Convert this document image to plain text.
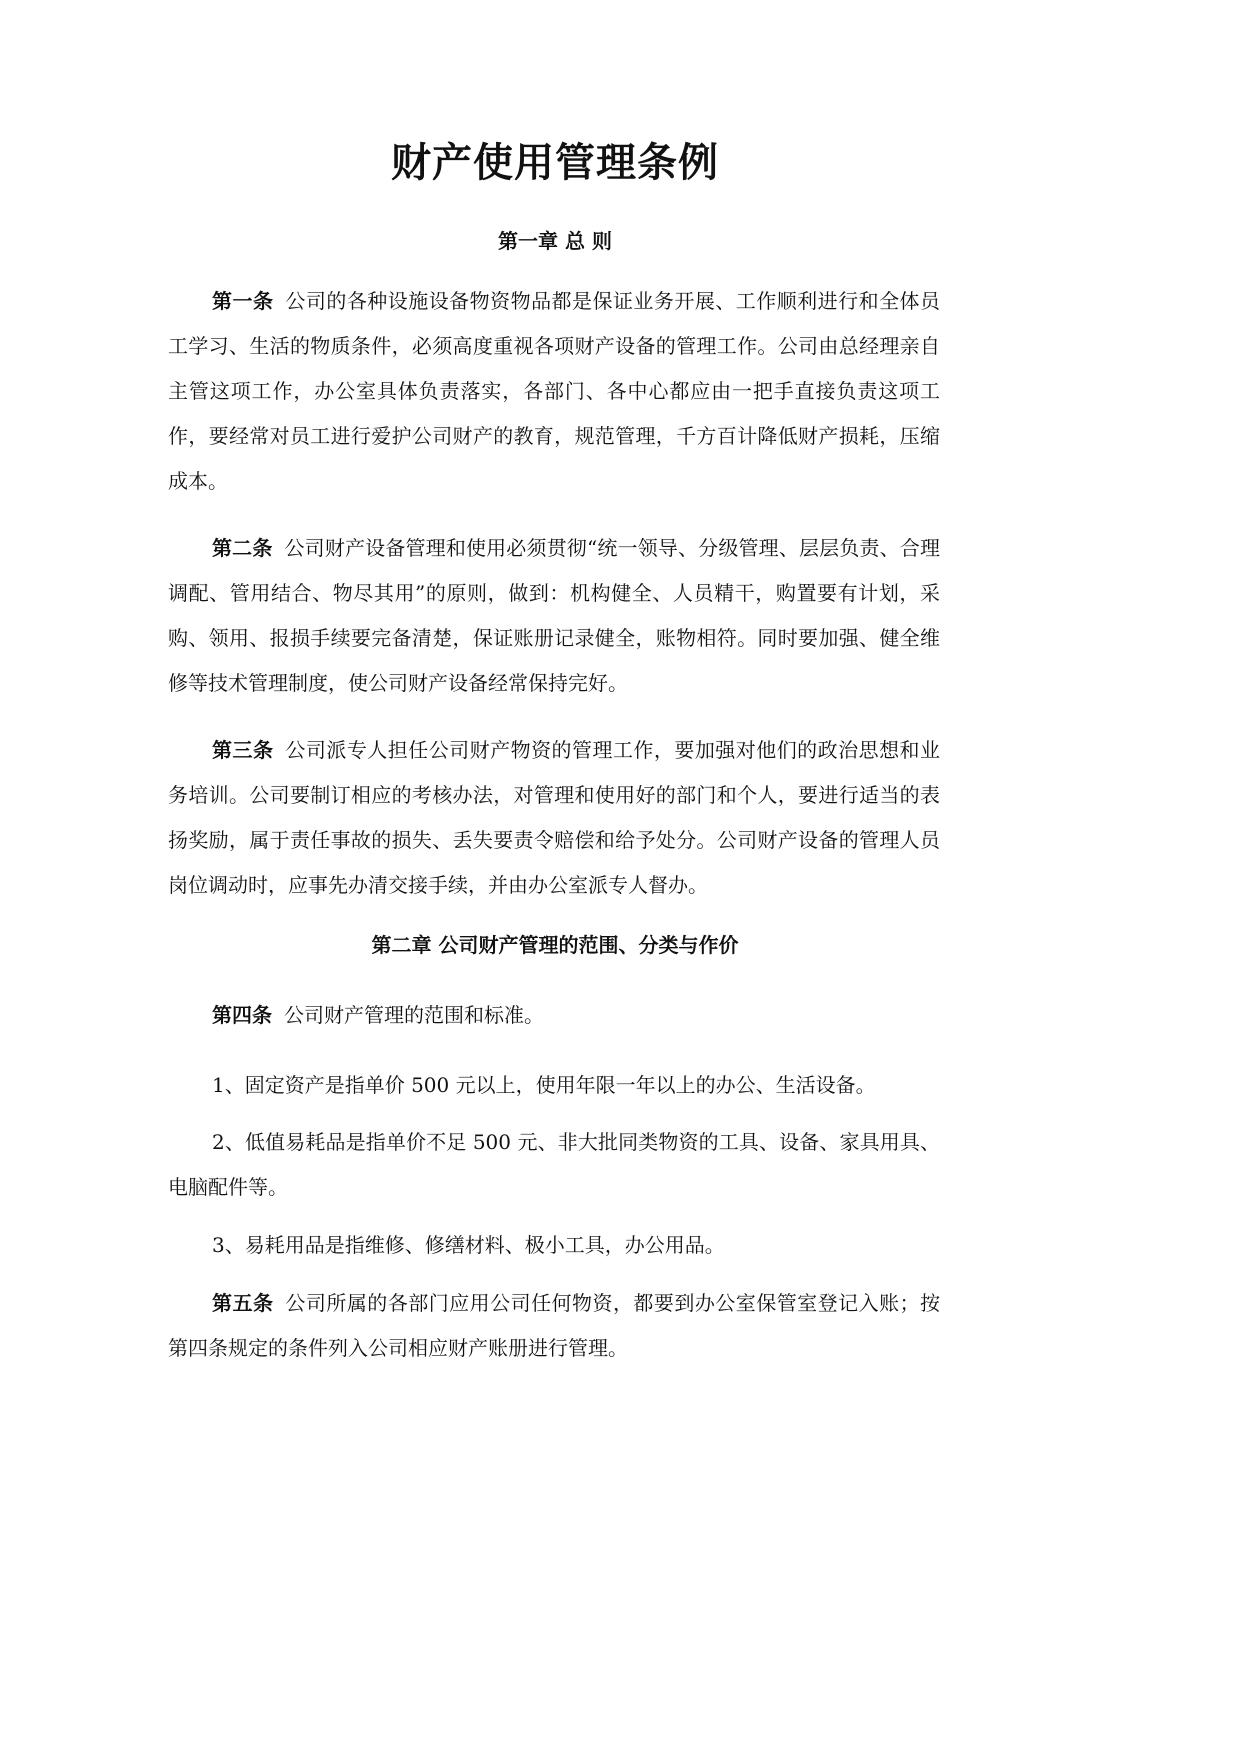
财产使用管理条例
第一章 总 则

第一条 公司的各种设施设备物资物品都是保证业务开展、工作顺利进行和全体员工学习、生活的物质条件，必须高度重视各项财产设备的管理工作。公司由总经理亲自主管这项工作，办公室具体负责落实，各部门、各中心都应由一把手直接负责这项工作，要经常对员工进行爱护公司财产的教育，规范管理，千方百计降低财产损耗，压缩成本。

第二条 公司财产设备管理和使用必须贯彻“统一领导、分级管理、层层负责、合理调配、管用结合、物尽其用”的原则，做到：机构健全、人员精干，购置要有计划，采购、领用、报损手续要完备清楚，保证账册记录健全，账物相符。同时要加强、健全维修等技术管理制度，使公司财产设备经常保持完好。

第三条 公司派专人担任公司财产物资的管理工作，要加强对他们的政治思想和业务培训。公司要制订相应的考核办法，对管理和使用好的部门和个人，要进行适当的表扬奖励，属于责任事故的损失、丢失要责令赔偿和给予处分。公司财产设备的管理人员岗位调动时，应事先办清交接手续，并由办公室派专人督办。

第二章 公司财产管理的范围、分类与作价

第四条 公司财产管理的范围和标准。

1、固定资产是指单价 500 元以上，使用年限一年以上的办公、生活设备。

2、低值易耗品是指单价不足 500 元、非大批同类物资的工具、设备、家具用具、电脑配件等。

3、易耗用品是指维修、修缮材料、极小工具，办公用品。

第五条 公司所属的各部门应用公司任何物资，都要到办公室保管室登记入账；按第四条规定的条件列入公司相应财产账册进行管理。
